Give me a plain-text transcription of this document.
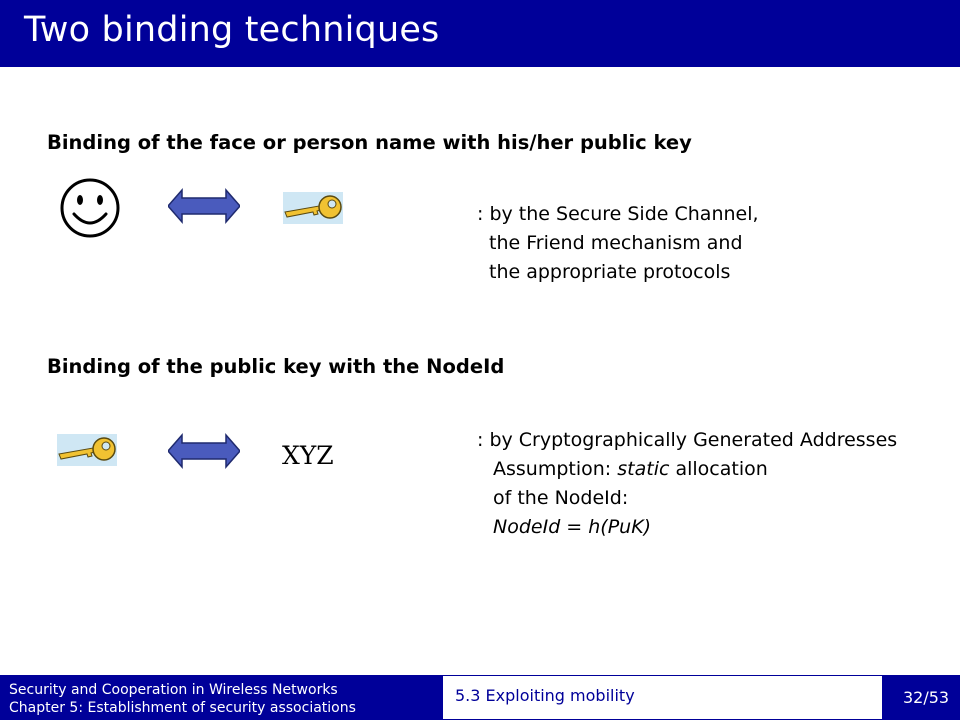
Two binding techniques
Binding of the face or person name with his/her public key
: by the Secure Side Channel,
the Friend mechanism and
the appropriate protocols
Binding of the public key with the NodeId
XYZ
: by Cryptographically Generated Addresses
Assumption: static allocation
of the NodeId:
NodeId = h(PuK)
Security and Cooperation in Wireless Networks
Chapter 5: Establishment of security associations
5.3 Exploiting mobility	32/53
